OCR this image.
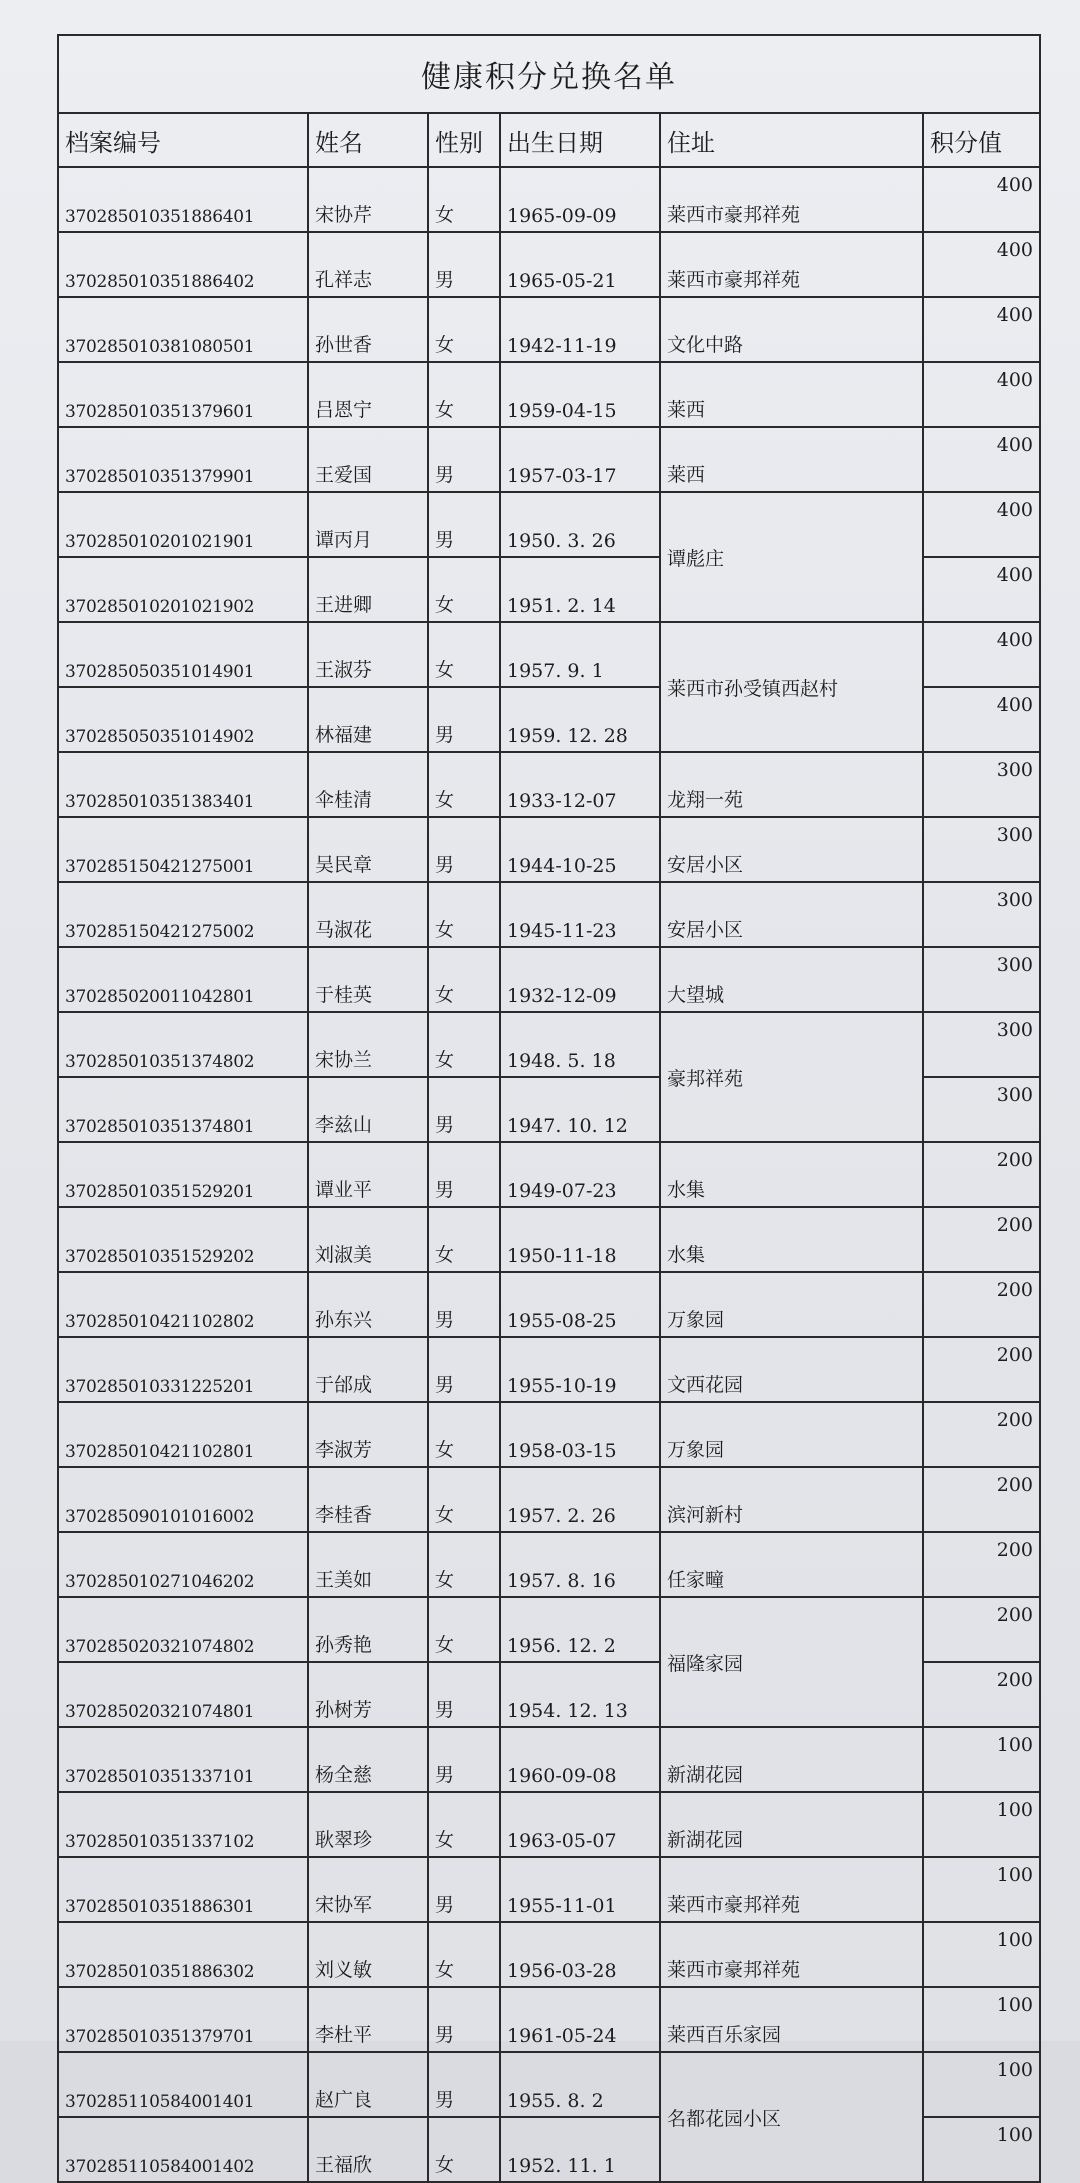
健康积分兑换名单					
档案编号	姓名	性别	出生日期	住址	积分值
370285010351886401	宋协芹	女	1965-09-09	莱西市豪邦祥苑	400
370285010351886402	孔祥志	男	1965-05-21	莱西市豪邦祥苑	400
370285010381080501	孙世香	女	1942-11-19	文化中路	400
370285010351379601	吕恩宁	女	1959-04-15	莱西	400
370285010351379901	王爱国	男	1957-03-17	莱西	400
370285010201021901	谭丙月	男	1950. 3. 26	谭彪庄	400
370285010201021902	王进卿	女	1951. 2. 14		400
370285050351014901	王淑芬	女	1957. 9. 1	莱西市孙受镇西赵村	400
370285050351014902	林福建	男	1959. 12. 28		400
370285010351383401	伞桂清	女	1933-12-07	龙翔一苑	300
370285150421275001	吴民章	男	1944-10-25	安居小区	300
370285150421275002	马淑花	女	1945-11-23	安居小区	300
370285020011042801	于桂英	女	1932-12-09	大望城	300
370285010351374802	宋协兰	女	1948. 5. 18	豪邦祥苑	300
370285010351374801	李兹山	男	1947. 10. 12		300
370285010351529201	谭业平	男	1949-07-23	水集	200
370285010351529202	刘淑美	女	1950-11-18	水集	200
370285010421102802	孙东兴	男	1955-08-25	万象园	200
370285010331225201	于邰成	男	1955-10-19	文西花园	200
370285010421102801	李淑芳	女	1958-03-15	万象园	200
370285090101016002	李桂香	女	1957. 2. 26	滨河新村	200
370285010271046202	王美如	女	1957. 8. 16	任家疃	200
370285020321074802	孙秀艳	女	1956. 12. 2	福隆家园	200
370285020321074801	孙树芳	男	1954. 12. 13		200
370285010351337101	杨全慈	男	1960-09-08	新湖花园	100
370285010351337102	耿翠珍	女	1963-05-07	新湖花园	100
370285010351886301	宋协军	男	1955-11-01	莱西市豪邦祥苑	100
370285010351886302	刘义敏	女	1956-03-28	莱西市豪邦祥苑	100
370285010351379701	李杜平	男	1961-05-24	莱西百乐家园	100
370285110584001401	赵广良	男	1955. 8. 2	名都花园小区	100
370285110584001402	王福欣	女	1952. 11. 1		100
